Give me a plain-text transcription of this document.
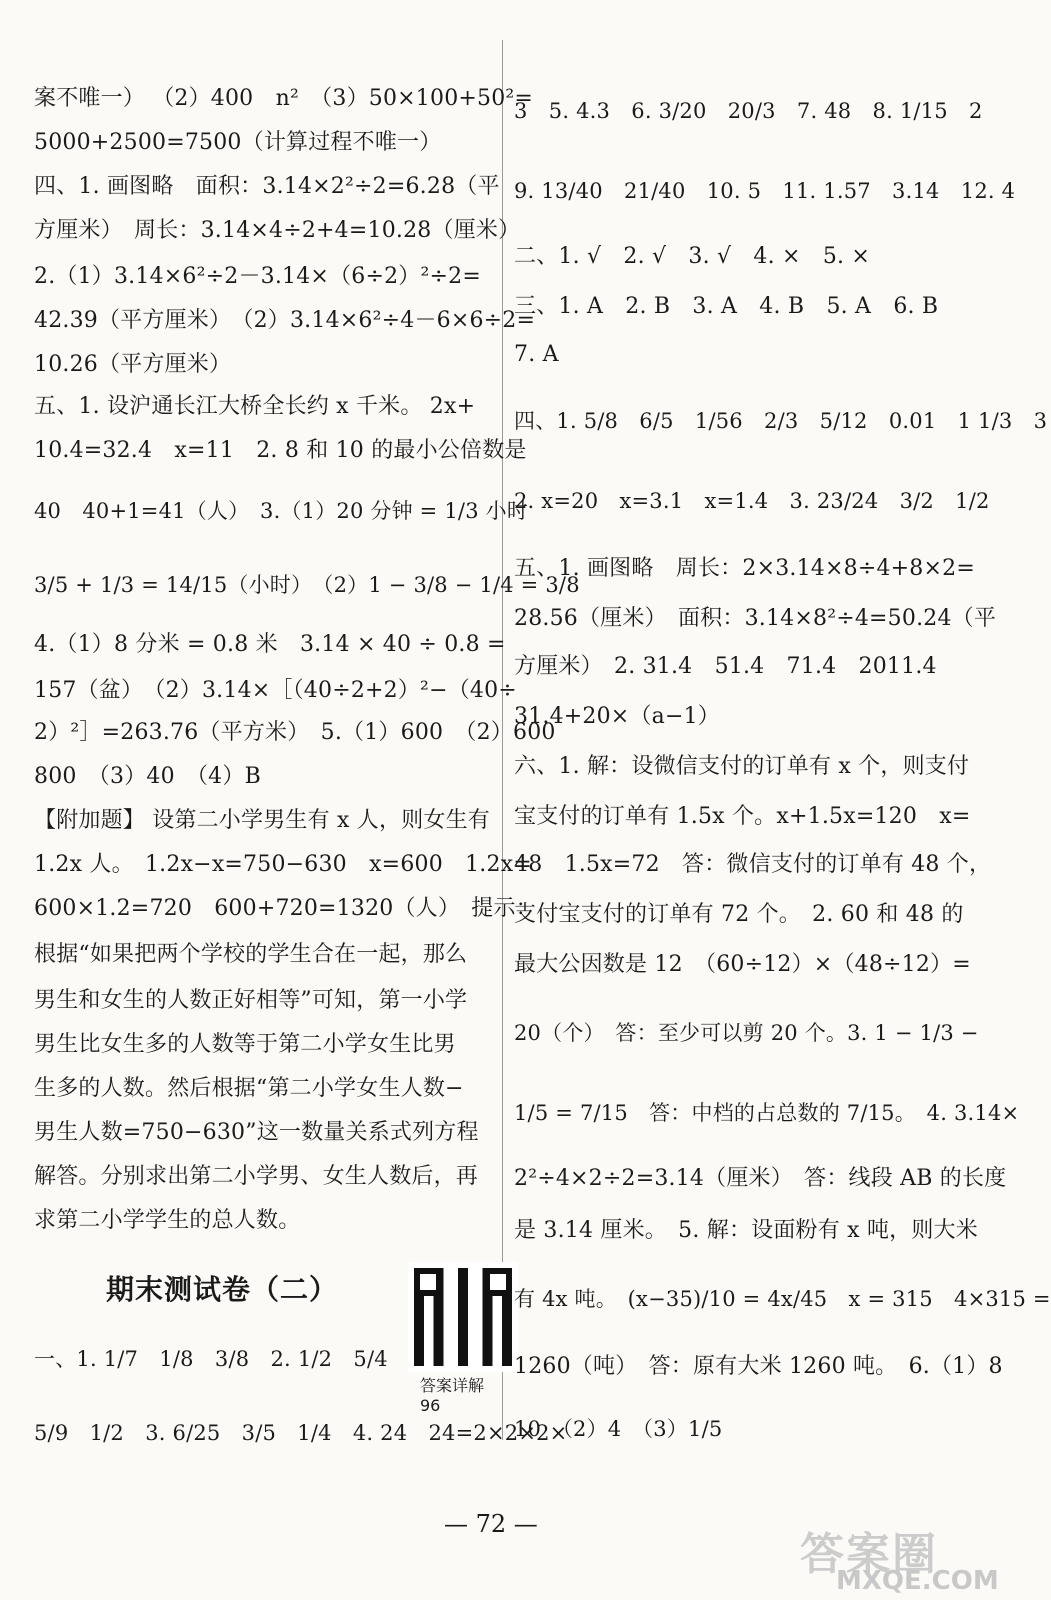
案不唯一） （2）400　n²　（3）50×100+50²=
5000+2500=7500（计算过程不唯一）
四、1. 画图略　面积：3.14×2²÷2=6.28（平
方厘米）　周长：3.14×4÷2+4=10.28（厘米）
2.（1）3.14×6²÷2－3.14×（6÷2）²÷2=
42.39（平方厘米）　（2）3.14×6²÷4－6×6÷2=
10.26（平方厘米）
五、1. 设沪通长江大桥全长约 x 千米。 2x+
10.4=32.4　x=11　2. 8 和 10 的最小公倍数是
40　40+1=41（人）　3.（1）20 分钟 = 1/3 小时
3/5 + 1/3 = 14/15（小时）　（2）1 − 3/8 − 1/4 = 3/8
4.（1）8 分米 = 0.8 米　3.14 × 40 ÷ 0.8 =
157（盆）　（2）3.14×［（40÷2+2）²−（40÷
2）²］=263.76（平方米）　5.（1）600　（2）600
800　（3）40　（4）B
【附加题】 设第二小学男生有 x 人，则女生有
1.2x 人。　1.2x−x=750−630　x=600　1.2x=
600×1.2=720　600+720=1320（人）　提示：
根据“如果把两个学校的学生合在一起，那么
男生和女生的人数正好相等”可知，第一小学
男生比女生多的人数等于第二小学女生比男
生多的人数。然后根据“第二小学女生人数−
男生人数=750−630”这一数量关系式列方程
解答。分别求出第二小学男、女生人数后，再
求第二小学学生的总人数。
期末测试卷（二）
答案详解96
一、1. 1/7　1/8　3/8　2. 1/2　5/4
5/9　1/2　3. 6/25　3/5　1/4　4. 24　24=2×2×2×
3　5. 4.3　6. 3/20　20/3　7. 48　8. 1/15　2
9. 13/40　21/40　10. 5　11. 1.57　3.14　12. 4
二、1. √　2. √　3. √　4. ×　5. ×
三、1. A　2. B　3. A　4. B　5. A　6. B
7. A
四、1. 5/8　6/5　1/56　2/3　5/12　0.01　1 1/3　3
2. x=20　x=3.1　x=1.4　3. 23/24　3/2　1/2
五、1. 画图略　周长：2×3.14×8÷4+8×2=
28.56（厘米）　面积：3.14×8²÷4=50.24（平
方厘米）　2. 31.4　51.4　71.4　2011.4
31.4+20×（a−1）
六、1. 解：设微信支付的订单有 x 个，则支付
宝支付的订单有 1.5x 个。x+1.5x=120　x=
48　1.5x=72　答：微信支付的订单有 48 个，
支付宝支付的订单有 72 个。　2. 60 和 48 的
最大公因数是 12　（60÷12）×（48÷12）=
20（个）　答：至少可以剪 20 个。3. 1 − 1/3 −
1/5 = 7/15　答：中档的占总数的 7/15。　4. 3.14×
2²÷4×2÷2=3.14（厘米）　答：线段 AB 的长度
是 3.14 厘米。　5. 解：设面粉有 x 吨，则大米
有 4x 吨。　(x−35)/10 = 4x/45　x = 315　4×315 =
1260（吨）　答：原有大米 1260 吨。　6.（1）8
10　（2）4　（3）1/5
— 72 —
答案圈
MXQE.COM
